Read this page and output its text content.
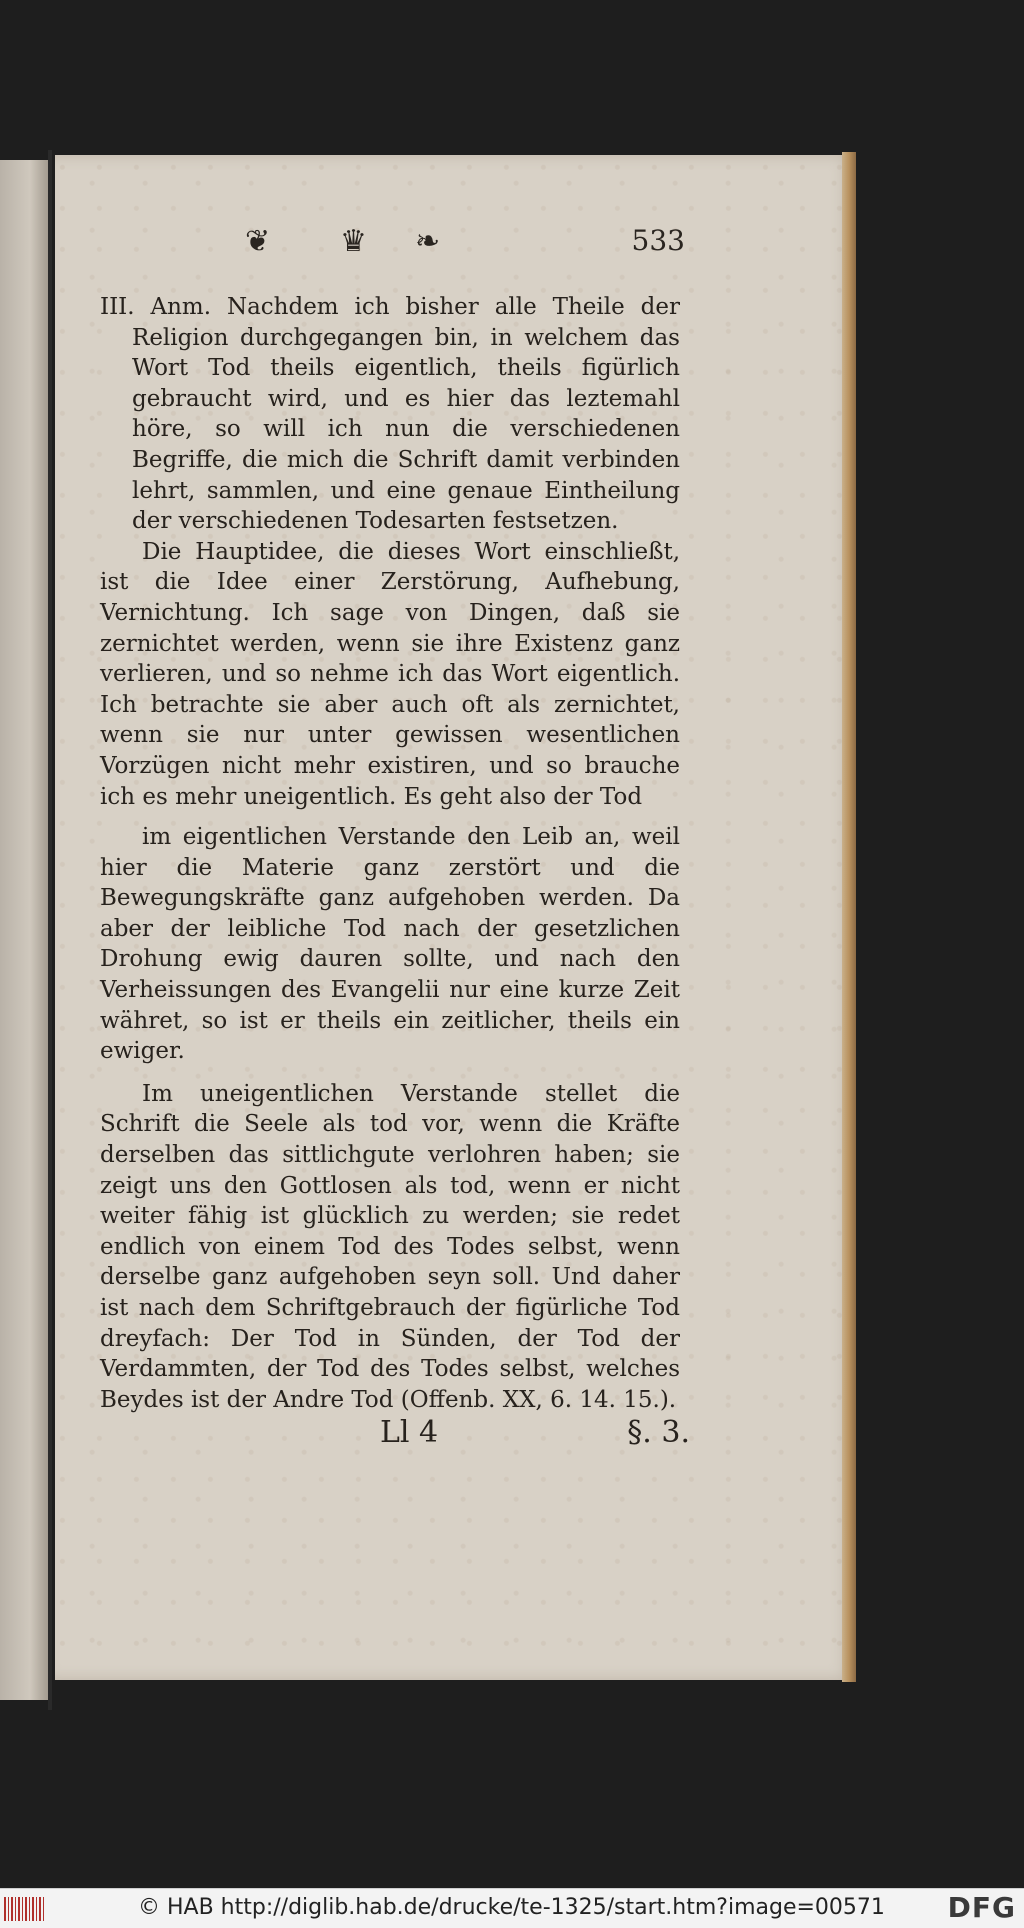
❦ ♛ ❧	533

III. Anm. Nachdem ich bisher alle Theile der Religion durchgegangen bin, in welchem das Wort Tod theils eigentlich, theils figürlich gebraucht wird, und es hier das leztemahl höre, so will ich nun die verschiedenen Begriffe, die mich die Schrift damit verbinden lehrt, sammlen, und eine genaue Eintheilung der verschiedenen Todesarten festsetzen.

Die Hauptidee, die dieses Wort einschließt, ist die Idee einer Zerstörung, Aufhebung, Vernichtung. Ich sage von Dingen, daß sie zernichtet werden, wenn sie ihre Existenz ganz verlieren, und so nehme ich das Wort eigentlich. Ich betrachte sie aber auch oft als zernichtet, wenn sie nur unter gewissen wesentlichen Vorzügen nicht mehr existiren, und so brauche ich es mehr uneigentlich. Es geht also der Tod

im eigentlichen Verstande den Leib an, weil hier die Materie ganz zerstört und die Bewegungskräfte ganz aufgehoben werden. Da aber der leibliche Tod nach der gesetzlichen Drohung ewig dauren sollte, und nach den Verheissungen des Evangelii nur eine kurze Zeit währet, so ist er theils ein zeitlicher, theils ein ewiger.

Im uneigentlichen Verstande stellet die Schrift die Seele als tod vor, wenn die Kräfte derselben das sittlichgute verlohren haben; sie zeigt uns den Gottlosen als tod, wenn er nicht weiter fähig ist glücklich zu werden; sie redet endlich von einem Tod des Todes selbst, wenn derselbe ganz aufgehoben seyn soll. Und daher ist nach dem Schriftgebrauch der figürliche Tod dreyfach: Der Tod in Sünden, der Tod der Verdammten, der Tod des Todes selbst, welches Beydes ist der Andre Tod (Offenb. XX, 6. 14. 15.).

Ll 4	§. 3.
© HAB http://diglib.hab.de/drucke/te-1325/start.htm?image=00571 DFG
